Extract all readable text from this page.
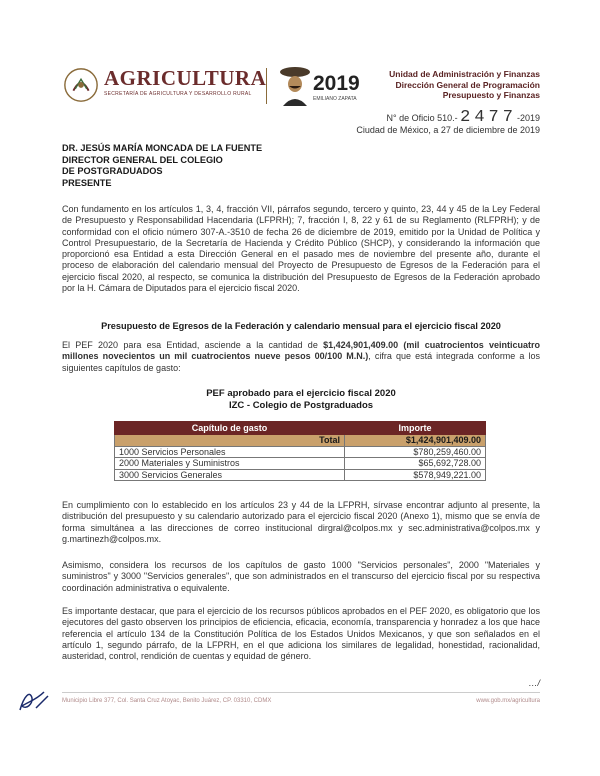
AGRICULTURA
SECRETARÍA DE AGRICULTURA Y DESARROLLO RURAL	2019
EMILIANO ZAPATA
Unidad de Administración y Finanzas
Dirección General de Programación
Presupuesto y Finanzas
N° de Oficio 510.- 2477-2019
Ciudad de México, a 27 de diciembre de 2019
DR. JESÚS MARÍA MONCADA DE LA FUENTE
DIRECTOR GENERAL DEL COLEGIO
DE POSTGRADUADOS
PRESENTE

Con fundamento en los artículos 1, 3, 4, fracción VII, párrafos segundo, tercero y quinto, 23, 44 y 45 de la Ley Federal de Presupuesto y Responsabilidad Hacendaria (LFPRH); 7, fracción I, 8, 22 y 61 de su Reglamento (RLFPRH); y de conformidad con el oficio número 307-A.-3510 de fecha 26 de diciembre de 2019, emitido por la Unidad de Política y Control Presupuestario, de la Secretaría de Hacienda y Crédito Público (SHCP), y considerando la información que proporcionó esa Entidad a esta Dirección General en el pasado mes de noviembre del presente año, durante el proceso de elaboración del calendario mensual del Proyecto de Presupuesto de Egresos de la Federación para el ejercicio fiscal 2020, al respecto, se comunica la distribución del Presupuesto de Egresos de la Federación aprobado por la H. Cámara de Diputados para el ejercicio fiscal 2020.

Presupuesto de Egresos de la Federación y calendario mensual para el ejercicio fiscal 2020

El PEF 2020 para esa Entidad, asciende a la cantidad de $1,424,901,409.00 (mil cuatrocientos veinticuatro millones novecientos un mil cuatrocientos nueve pesos 00/100 M.N.), cifra que está integrada conforme a los siguientes capítulos de gasto:

PEF aprobado para el ejercicio fiscal 2020
IZC - Colegio de Postgraduados
Capítulo de gasto	Importe
Total	$1,424,901,409.00
1000 Servicios Personales	$780,259,460.00
2000 Materiales y Suministros	$65,692,728.00
3000 Servicios Generales	$578,949,221.00

En cumplimiento con lo establecido en los artículos 23 y 44 de la LFPRH, sírvase encontrar adjunto al presente, la distribución del presupuesto y su calendario autorizado para el ejercicio fiscal 2020 (Anexo 1), mismo que se envía de forma simultánea a las direcciones de correo institucional dirgral@colpos.mx y sec.administrativa@colpos.mx y g.martinezh@colpos.mx.

Asimismo, considera los recursos de los capítulos de gasto 1000 "Servicios personales", 2000 "Materiales y suministros" y 3000 "Servicios generales", que son administrados en el transcurso del ejercicio fiscal por su respectiva coordinación administrativa o equivalente.

Es importante destacar, que para el ejercicio de los recursos públicos aprobados en el PEF 2020, es obligatorio que los ejecutores del gasto observen los principios de eficiencia, eficacia, economía, transparencia y honradez a los que hace referencia el artículo 134 de la Constitución Política de los Estados Unidos Mexicanos, y que son señalados en el artículo 1, segundo párrafo, de la LFPRH, en el que adiciona los similares de legalidad, honestidad, racionalidad, austeridad, control, rendición de cuentas y equidad de género.

…/
Municipio Libre 377, Col. Santa Cruz Atoyac, Benito Juárez, CP. 03310, CDMX	www.gob.mx/agricultura
